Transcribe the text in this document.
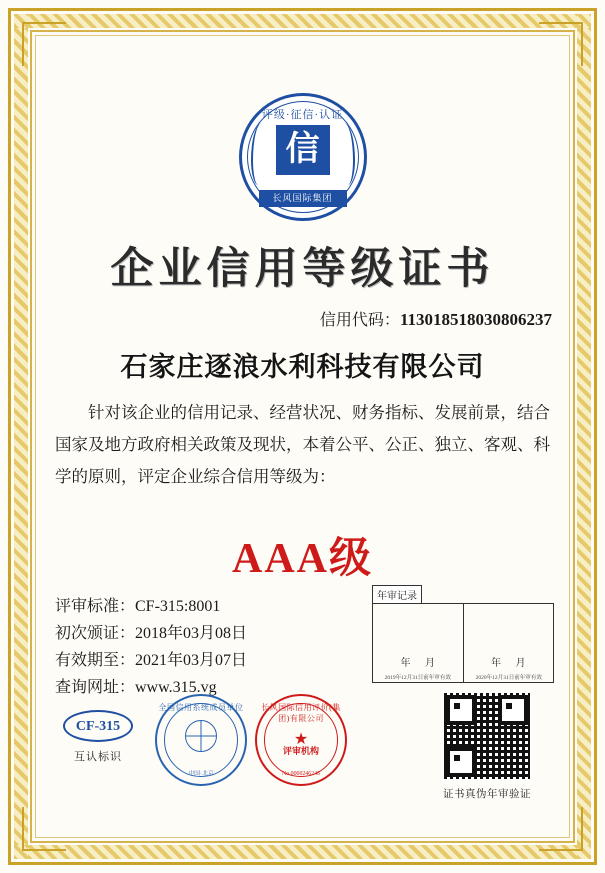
评级·征信·认证
信
长风国际集团
企业信用等级证书
信用代码：113018518030806237
石家庄逐浪水利科技有限公司
针对该企业的信用记录、经营状况、财务指标、发展前景，结合国家及地方政府相关政策及现状，本着公平、公正、独立、客观、科学的原则，评定企业综合信用等级为：
AAA级
评审标准：CF-315:8001
初次颁证：2018年03月08日
有效期至：2021年03月07日
查询网址：www.315.vg
年审记录
年 月
2019年12月31日前年审有效
年 月
2020年12月31日前年审有效
CF-315
互认标识
全国信用系统成员单位
中国·北京
长风国际信用评价(集团)有限公司
★
评审机构
No.0000246246
证书真伪年审验证
